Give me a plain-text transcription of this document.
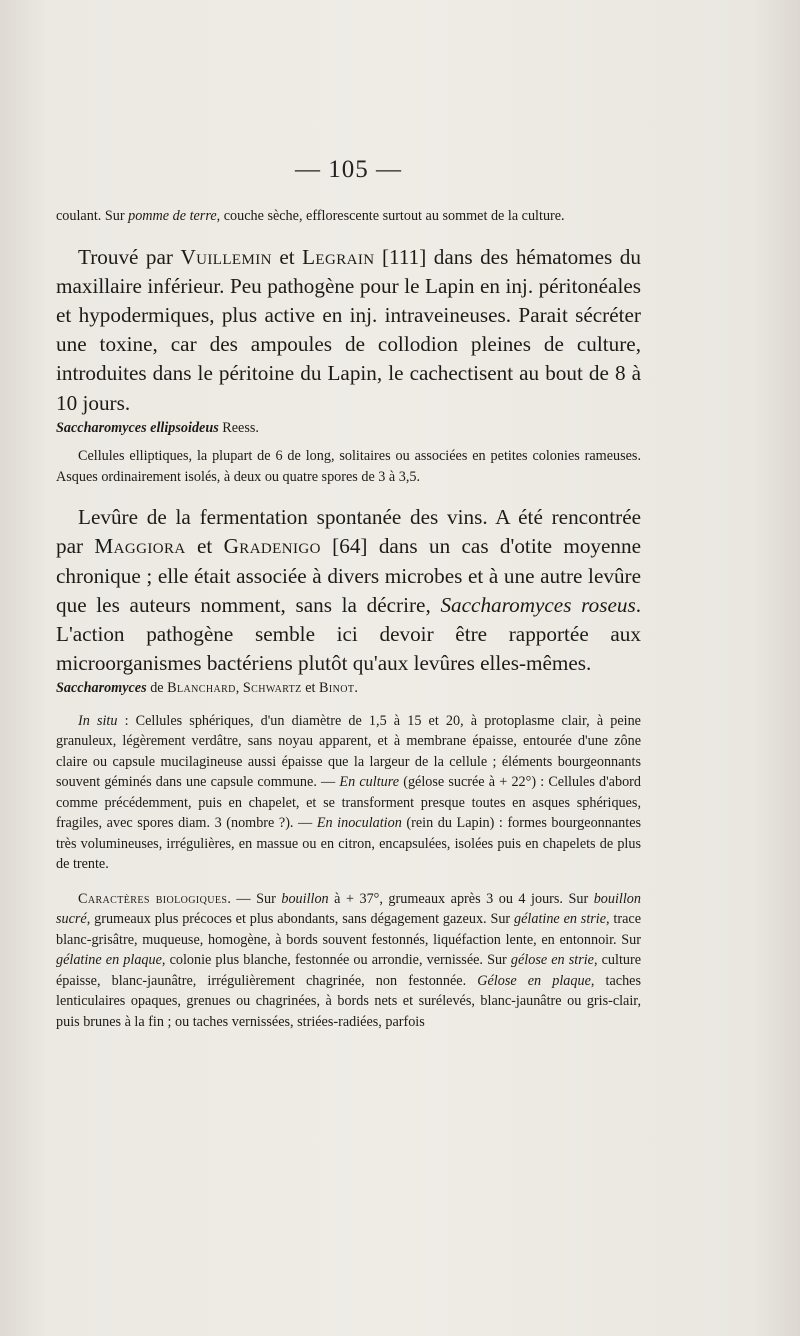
— 105 —

coulant. Sur pomme de terre, couche sèche, efflorescente surtout au sommet de la culture.

Trouvé par Vuillemin et Legrain [111] dans des hématomes du maxillaire inférieur. Peu pathogène pour le Lapin en inj. péritonéales et hypodermiques, plus active en inj. intraveineuses. Parait sécréter une toxine, car des ampoules de collodion pleines de culture, introduites dans le péritoine du Lapin, le cachectisent au bout de 8 à 10 jours.

Saccharomyces ellipsoideus Reess.

Cellules elliptiques, la plupart de 6 de long, solitaires ou associées en petites colonies rameuses. Asques ordinairement isolés, à deux ou quatre spores de 3 à 3,5.

Levûre de la fermentation spontanée des vins. A été rencontrée par Maggiora et Gradenigo [64] dans un cas d'otite moyenne chronique ; elle était associée à divers microbes et à une autre levûre que les auteurs nomment, sans la décrire, Saccharomyces roseus. L'action pathogène semble ici devoir être rapportée aux microorganismes bactériens plutôt qu'aux levûres elles-mêmes.

Saccharomyces de Blanchard, Schwartz et Binot.

In situ : Cellules sphériques, d'un diamètre de 1,5 à 15 et 20, à protoplasme clair, à peine granuleux, légèrement verdâtre, sans noyau apparent, et à membrane épaisse, entourée d'une zône claire ou capsule mucilagineuse aussi épaisse que la largeur de la cellule ; éléments bourgeonnants souvent géminés dans une capsule commune. — En culture (gélose sucrée à + 22°) : Cellules d'abord comme précédemment, puis en chapelet, et se transforment presque toutes en asques sphériques, fragiles, avec spores diam. 3 (nombre ?). — En inoculation (rein du Lapin) : formes bourgeonnantes très volumineuses, irrégulières, en massue ou en citron, encapsulées, isolées puis en chapelets de plus de trente.

Caractères biologiques. — Sur bouillon à + 37°, grumeaux après 3 ou 4 jours. Sur bouillon sucré, grumeaux plus précoces et plus abondants, sans dégagement gazeux. Sur gélatine en strie, trace blanc-grisâtre, muqueuse, homogène, à bords souvent festonnés, liquéfaction lente, en entonnoir. Sur gélatine en plaque, colonie plus blanche, festonnée ou arrondie, vernissée. Sur gélose en strie, culture épaisse, blanc-jaunâtre, irrégulièrement chagrinée, non festonnée. Gélose en plaque, taches lenticulaires opaques, grenues ou chagrinées, à bords nets et surélevés, blanc-jaunâtre ou gris-clair, puis brunes à la fin ; ou taches vernissées, striées-radiées, parfois
